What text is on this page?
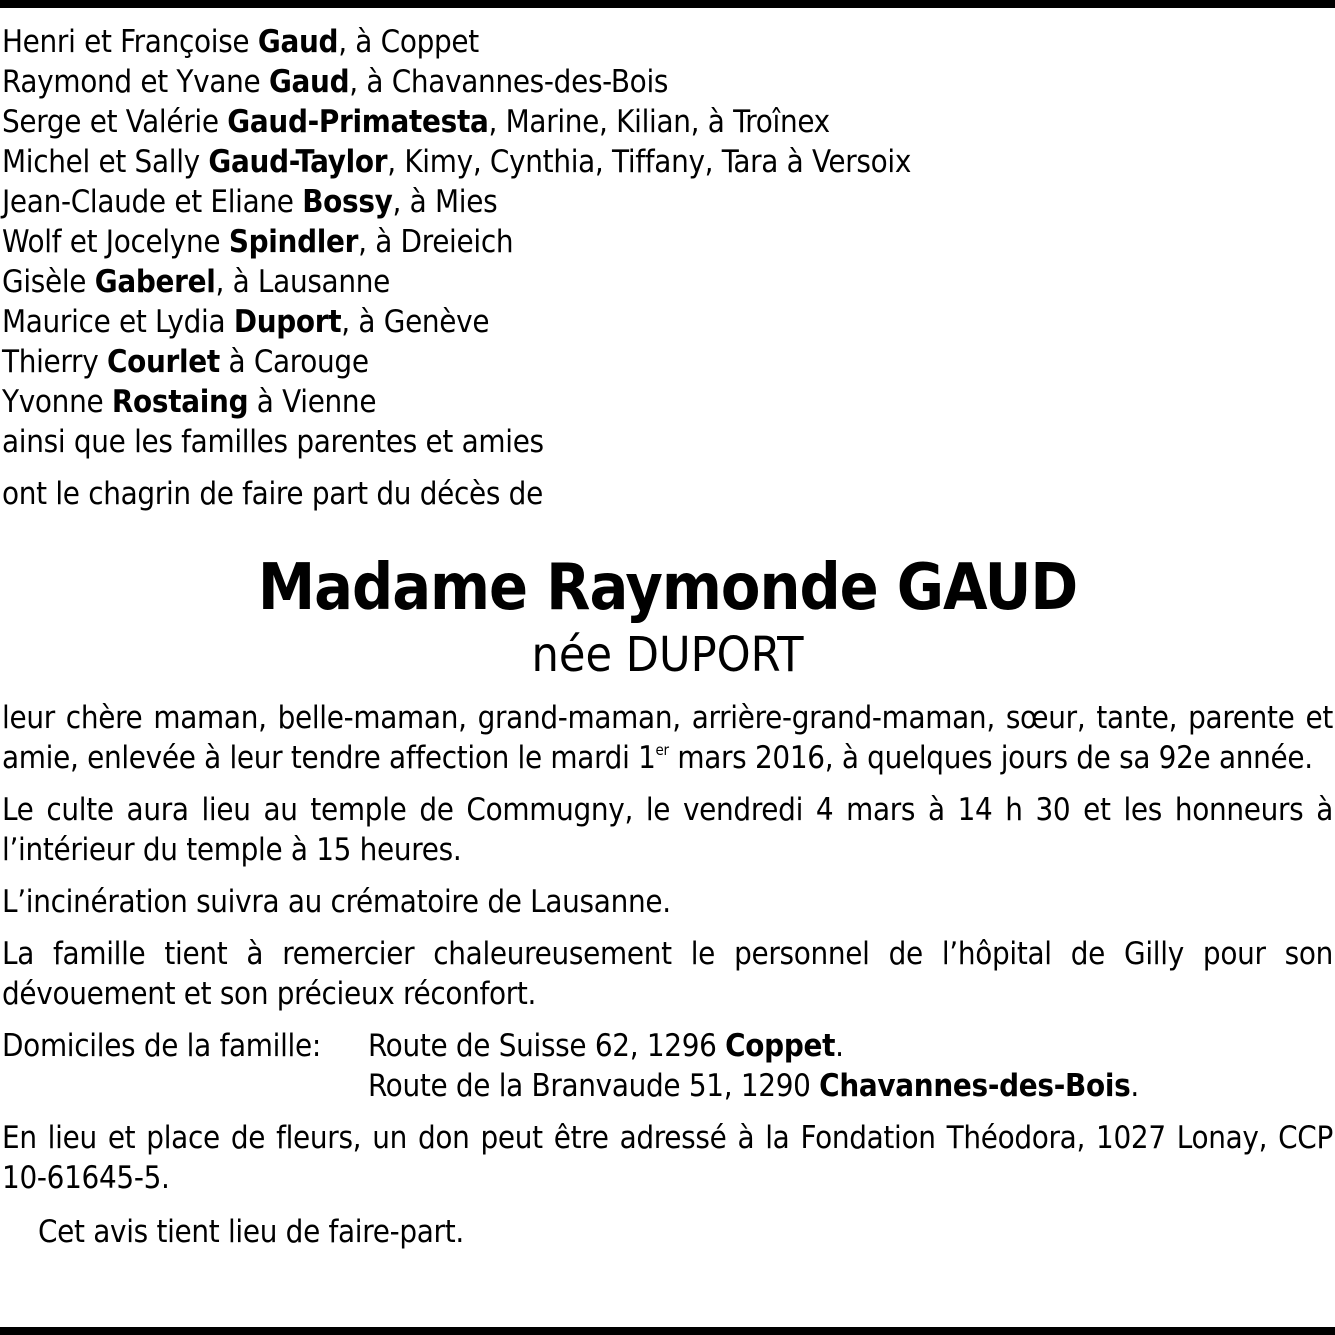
Henri et Françoise Gaud, à Coppet
Raymond et Yvane Gaud, à Chavannes-des-Bois
Serge et Valérie Gaud-Primatesta, Marine, Kilian, à Troînex
Michel et Sally Gaud-Taylor, Kimy, Cynthia, Tiffany, Tara à Versoix
Jean-Claude et Eliane Bossy, à Mies
Wolf et Jocelyne Spindler, à Dreieich
Gisèle Gaberel, à Lausanne
Maurice et Lydia Duport, à Genève
Thierry Courlet à Carouge
Yvonne Rostaing à Vienne
ainsi que les familles parentes et amies
ont le chagrin de faire part du décès de
Madame Raymonde GAUD
née DUPORT
leur chère maman, belle-maman, grand-maman, arrière-grand-maman, sœur, tante, parente et amie, enlevée à leur tendre affection le mardi 1er mars 2016, à quelques jours de sa 92e année.
Le culte aura lieu au temple de Commugny, le vendredi 4 mars à 14 h 30 et les honneurs à l’intérieur du temple à 15 heures.
L’incinération suivra au crématoire de Lausanne.
La famille tient à remercier chaleureusement le personnel de l’hôpital de Gilly pour son dévouement et son précieux réconfort.
Domiciles de la famille: Route de Suisse 62, 1296 Coppet.
Route de la Branvaude 51, 1290 Chavannes-des-Bois.
En lieu et place de fleurs, un don peut être adressé à la Fondation Théodora, 1027 Lonay, CCP 10-61645-5.
Cet avis tient lieu de faire-part.
